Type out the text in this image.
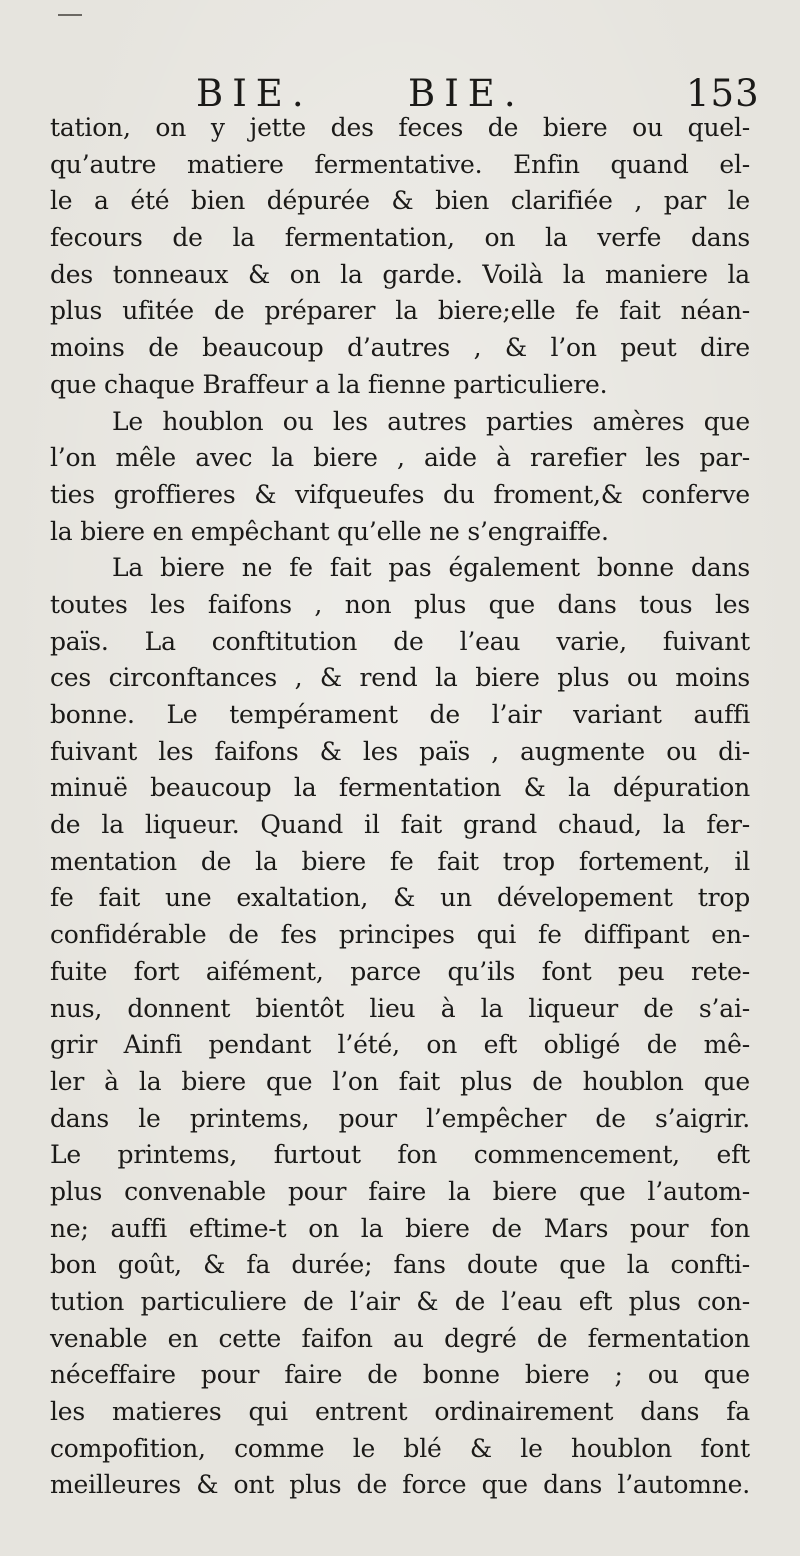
BIE.	BIE.	153
tation, on y jette des feces de biere ou quel-
qu’autre matiere fermentative. Enfin quand el-
le a été bien dépurée & bien clarifiée , par le
fecours de la fermentation, on la verfe dans
des tonneaux & on la garde. Voilà la maniere la
plus ufitée de préparer la biere;elle fe fait néan-
moins de beaucoup d’autres , & l’on peut dire
que chaque Braffeur a la fienne particuliere.
Le houblon ou les autres parties amères que
l’on mêle avec la biere , aide à rarefier les par-
ties groffieres & vifqueufes du froment,& conferve
la biere en empêchant qu’elle ne s’engraiffe.
La biere ne fe fait pas également bonne dans
toutes les faifons , non plus que dans tous les
païs. La conftitution de l’eau varie, fuivant
ces circonftances , & rend la biere plus ou moins
bonne. Le tempérament de l’air variant auffi
fuivant les faifons & les païs , augmente ou di-
minuë beaucoup la fermentation & la dépuration
de la liqueur. Quand il fait grand chaud, la fer-
mentation de la biere fe fait trop fortement, il
fe fait une exaltation, & un dévelopement trop
confidérable de fes principes qui fe diffipant en-
fuite fort aifément, parce qu’ils font peu rete-
nus, donnent bientôt lieu à la liqueur de s’ai-
grir Ainfi pendant l’été, on eft obligé de mê-
ler à la biere que l’on fait plus de houblon que
dans le printems, pour l’empêcher de s’aigrir.
Le printems, furtout fon commencement, eft
plus convenable pour faire la biere que l’autom-
ne; auffi eftime-t on la biere de Mars pour fon
bon goût, & fa durée; fans doute que la confti-
tution particuliere de l’air & de l’eau eft plus con-
venable en cette faifon au degré de fermentation
néceffaire pour faire de bonne biere ; ou que
les matieres qui entrent ordinairement dans fa
compofition, comme le blé & le houblon font
meilleures & ont plus de force que dans l’automne.
